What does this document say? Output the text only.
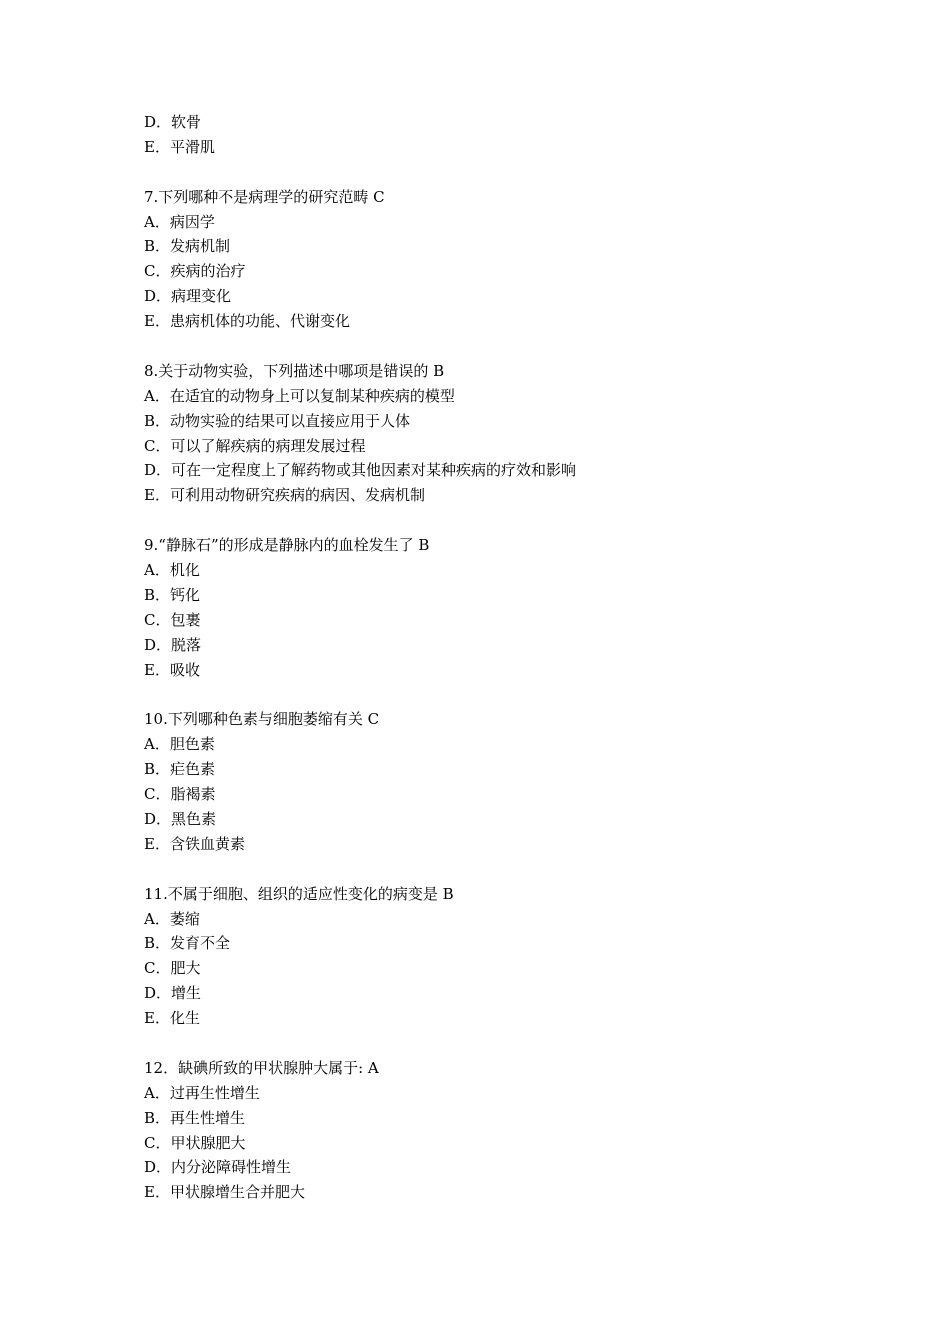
D．软骨
E．平滑肌
7.下列哪种不是病理学的研究范畴 C
A．病因学
B．发病机制
C．疾病的治疗
D．病理变化
E．患病机体的功能、代谢变化
8.关于动物实验，下列描述中哪项是错误的 B
A．在适宜的动物身上可以复制某种疾病的模型
B．动物实验的结果可以直接应用于人体
C．可以了解疾病的病理发展过程
D．可在一定程度上了解药物或其他因素对某种疾病的疗效和影响
E．可利用动物研究疾病的病因、发病机制
9.“静脉石”的形成是静脉内的血栓发生了 B
A．机化
B．钙化
C．包裹
D．脱落
E．吸收
10.下列哪种色素与细胞萎缩有关 C
A．胆色素
B．疟色素
C．脂褐素
D．黑色素
E．含铁血黄素
11.不属于细胞、组织的适应性变化的病变是 B
A．萎缩
B．发育不全
C．肥大
D．增生
E．化生
12．缺碘所致的甲状腺肿大属于: A
A．过再生性增生
B．再生性增生
C．甲状腺肥大
D．内分泌障碍性增生
E．甲状腺增生合并肥大
